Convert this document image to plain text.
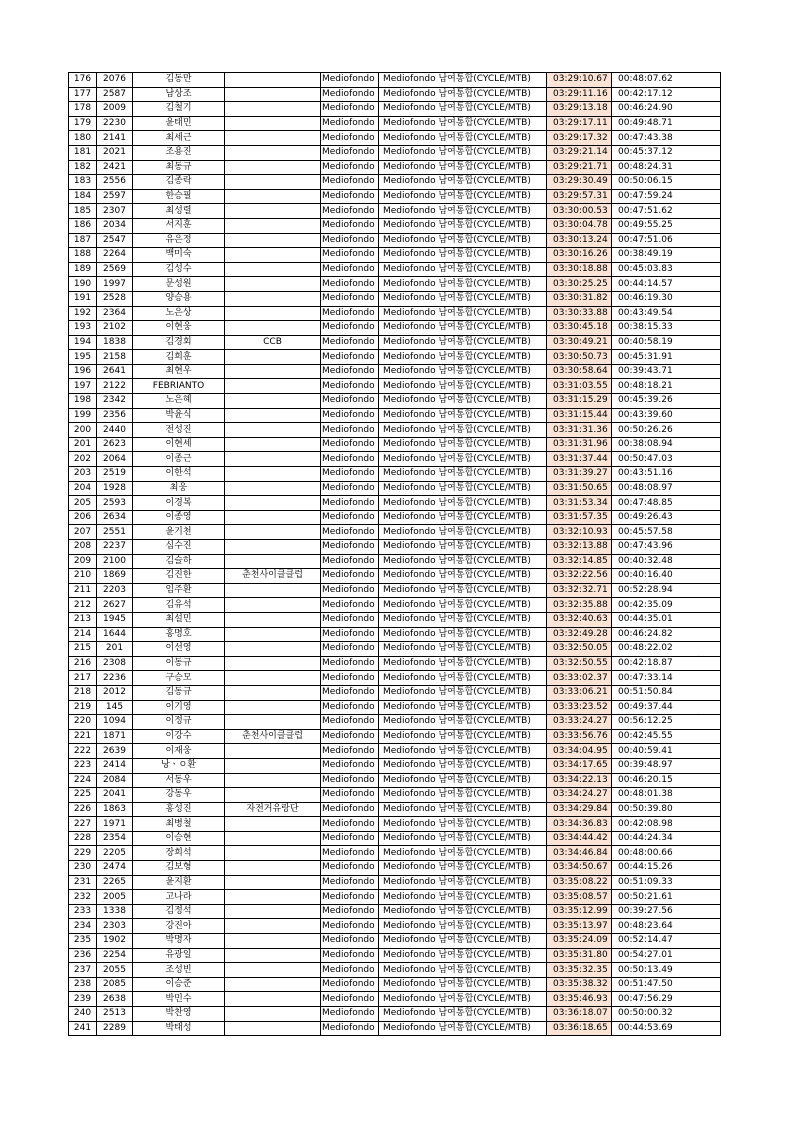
176	2076	김동만		Mediofondo	Mediofondo 남여통합(CYCLE/MTB)	03:29:10.67	00:48:07.62
177	2587	남상조		Mediofondo	Mediofondo 남여통합(CYCLE/MTB)	03:29:11.16	00:42:17.12
178	2009	김철기		Mediofondo	Mediofondo 남여통합(CYCLE/MTB)	03:29:13.18	00:46:24.90
179	2230	윤태민		Mediofondo	Mediofondo 남여통합(CYCLE/MTB)	03:29:17.11	00:49:48.71
180	2141	최세근		Mediofondo	Mediofondo 남여통합(CYCLE/MTB)	03:29:17.32	00:47:43.38
181	2021	조용진		Mediofondo	Mediofondo 남여통합(CYCLE/MTB)	03:29:21.14	00:45:37.12
182	2421	최동규		Mediofondo	Mediofondo 남여통합(CYCLE/MTB)	03:29:21.71	00:48:24.31
183	2556	김종락		Mediofondo	Mediofondo 남여통합(CYCLE/MTB)	03:29:30.49	00:50:06.15
184	2597	한승필		Mediofondo	Mediofondo 남여통합(CYCLE/MTB)	03:29:57.31	00:47:59.24
185	2307	최성렬		Mediofondo	Mediofondo 남여통합(CYCLE/MTB)	03:30:00.53	00:47:51.62
186	2034	서지훈		Mediofondo	Mediofondo 남여통합(CYCLE/MTB)	03:30:04.78	00:49:55.25
187	2547	유은정		Mediofondo	Mediofondo 남여통합(CYCLE/MTB)	03:30:13.24	00:47:51.06
188	2264	백미숙		Mediofondo	Mediofondo 남여통합(CYCLE/MTB)	03:30:16.26	00:38:49.19
189	2569	김성수		Mediofondo	Mediofondo 남여통합(CYCLE/MTB)	03:30:18.88	00:45:03.83
190	1997	문성원		Mediofondo	Mediofondo 남여통합(CYCLE/MTB)	03:30:25.25	00:44:14.57
191	2528	양승용		Mediofondo	Mediofondo 남여통합(CYCLE/MTB)	03:30:31.82	00:46:19.30
192	2364	노은상		Mediofondo	Mediofondo 남여통합(CYCLE/MTB)	03:30:33.88	00:43:49.54
193	2102	이현웅		Mediofondo	Mediofondo 남여통합(CYCLE/MTB)	03:30:45.18	00:38:15.33
194	1838	김경회	CCB	Mediofondo	Mediofondo 남여통합(CYCLE/MTB)	03:30:49.21	00:40:58.19
195	2158	김희훈		Mediofondo	Mediofondo 남여통합(CYCLE/MTB)	03:30:50.73	00:45:31.91
196	2641	최현우		Mediofondo	Mediofondo 남여통합(CYCLE/MTB)	03:30:58.64	00:39:43.71
197	2122	FEBRIANTO		Mediofondo	Mediofondo 남여통합(CYCLE/MTB)	03:31:03.55	00:48:18.21
198	2342	노은혜		Mediofondo	Mediofondo 남여통합(CYCLE/MTB)	03:31:15.29	00:45:39.26
199	2356	박윤식		Mediofondo	Mediofondo 남여통합(CYCLE/MTB)	03:31:15.44	00:43:39.60
200	2440	전성진		Mediofondo	Mediofondo 남여통합(CYCLE/MTB)	03:31:31.36	00:50:26.26
201	2623	이현세		Mediofondo	Mediofondo 남여통합(CYCLE/MTB)	03:31:31.96	00:38:08.94
202	2064	이종근		Mediofondo	Mediofondo 남여통합(CYCLE/MTB)	03:31:37.44	00:50:47.03
203	2519	이한석		Mediofondo	Mediofondo 남여통합(CYCLE/MTB)	03:31:39.27	00:43:51.16
204	1928	최웅		Mediofondo	Mediofondo 남여통합(CYCLE/MTB)	03:31:50.65	00:48:08.97
205	2593	이경복		Mediofondo	Mediofondo 남여통합(CYCLE/MTB)	03:31:53.34	00:47:48.85
206	2634	이종영		Mediofondo	Mediofondo 남여통합(CYCLE/MTB)	03:31:57.35	00:49:26.43
207	2551	윤기천		Mediofondo	Mediofondo 남여통합(CYCLE/MTB)	03:32:10.93	00:45:57.58
208	2237	심수진		Mediofondo	Mediofondo 남여통합(CYCLE/MTB)	03:32:13.88	00:47:43.96
209	2100	김슬하		Mediofondo	Mediofondo 남여통합(CYCLE/MTB)	03:32:14.85	00:40:32.48
210	1869	김진한	춘천사이클클럽	Mediofondo	Mediofondo 남여통합(CYCLE/MTB)	03:32:22.56	00:40:16.40
211	2203	임주환		Mediofondo	Mediofondo 남여통합(CYCLE/MTB)	03:32:32.71	00:52:28.94
212	2627	김유석		Mediofondo	Mediofondo 남여통합(CYCLE/MTB)	03:32:35.88	00:42:35.09
213	1945	최설민		Mediofondo	Mediofondo 남여통합(CYCLE/MTB)	03:32:40.63	00:44:35.01
214	1644	홍명호		Mediofondo	Mediofondo 남여통합(CYCLE/MTB)	03:32:49.28	00:46:24.82
215	201	이선영		Mediofondo	Mediofondo 남여통합(CYCLE/MTB)	03:32:50.05	00:48:22.02
216	2308	이동규		Mediofondo	Mediofondo 남여통합(CYCLE/MTB)	03:32:50.55	00:42:18.87
217	2236	구승모		Mediofondo	Mediofondo 남여통합(CYCLE/MTB)	03:33:02.37	00:47:33.14
218	2012	김동규		Mediofondo	Mediofondo 남여통합(CYCLE/MTB)	03:33:06.21	00:51:50.84
219	145	이기영		Mediofondo	Mediofondo 남여통합(CYCLE/MTB)	03:33:23.52	00:49:37.44
220	1094	이정규		Mediofondo	Mediofondo 남여통합(CYCLE/MTB)	03:33:24.27	00:56:12.25
221	1871	이강수	춘천사이클클럽	Mediofondo	Mediofondo 남여통합(CYCLE/MTB)	03:33:56.76	00:42:45.55
222	2639	이재웅		Mediofondo	Mediofondo 남여통합(CYCLE/MTB)	03:34:04.95	00:40:59.41
223	2414	낭ㆍㅇ환		Mediofondo	Mediofondo 남여통합(CYCLE/MTB)	03:34:17.65	00:39:48.97
224	2084	서동우		Mediofondo	Mediofondo 남여통합(CYCLE/MTB)	03:34:22.13	00:46:20.15
225	2041	강동우		Mediofondo	Mediofondo 남여통합(CYCLE/MTB)	03:34:24.27	00:48:01.38
226	1863	홍성진	자전거유랑단	Mediofondo	Mediofondo 남여통합(CYCLE/MTB)	03:34:29.84	00:50:39.80
227	1971	최병철		Mediofondo	Mediofondo 남여통합(CYCLE/MTB)	03:34:36.83	00:42:08.98
228	2354	이승현		Mediofondo	Mediofondo 남여통합(CYCLE/MTB)	03:34:44.42	00:44:24.34
229	2205	장희석		Mediofondo	Mediofondo 남여통합(CYCLE/MTB)	03:34:46.84	00:48:00.66
230	2474	김보형		Mediofondo	Mediofondo 남여통합(CYCLE/MTB)	03:34:50.67	00:44:15.26
231	2265	윤지환		Mediofondo	Mediofondo 남여통합(CYCLE/MTB)	03:35:08.22	00:51:09.33
232	2005	고나라		Mediofondo	Mediofondo 남여통합(CYCLE/MTB)	03:35:08.57	00:50:21.61
233	1338	김정석		Mediofondo	Mediofondo 남여통합(CYCLE/MTB)	03:35:12.99	00:39:27.56
234	2303	강진아		Mediofondo	Mediofondo 남여통합(CYCLE/MTB)	03:35:13.97	00:48:23.64
235	1902	박명자		Mediofondo	Mediofondo 남여통합(CYCLE/MTB)	03:35:24.09	00:52:14.47
236	2254	유광일		Mediofondo	Mediofondo 남여통합(CYCLE/MTB)	03:35:31.80	00:54:27.01
237	2055	조성빈		Mediofondo	Mediofondo 남여통합(CYCLE/MTB)	03:35:32.35	00:50:13.49
238	2085	이승준		Mediofondo	Mediofondo 남여통합(CYCLE/MTB)	03:35:38.32	00:51:47.50
239	2638	박민수		Mediofondo	Mediofondo 남여통합(CYCLE/MTB)	03:35:46.93	00:47:56.29
240	2513	박찬영		Mediofondo	Mediofondo 남여통합(CYCLE/MTB)	03:36:18.07	00:50:00.32
241	2289	박태성		Mediofondo	Mediofondo 남여통합(CYCLE/MTB)	03:36:18.65	00:44:53.69
.
.
